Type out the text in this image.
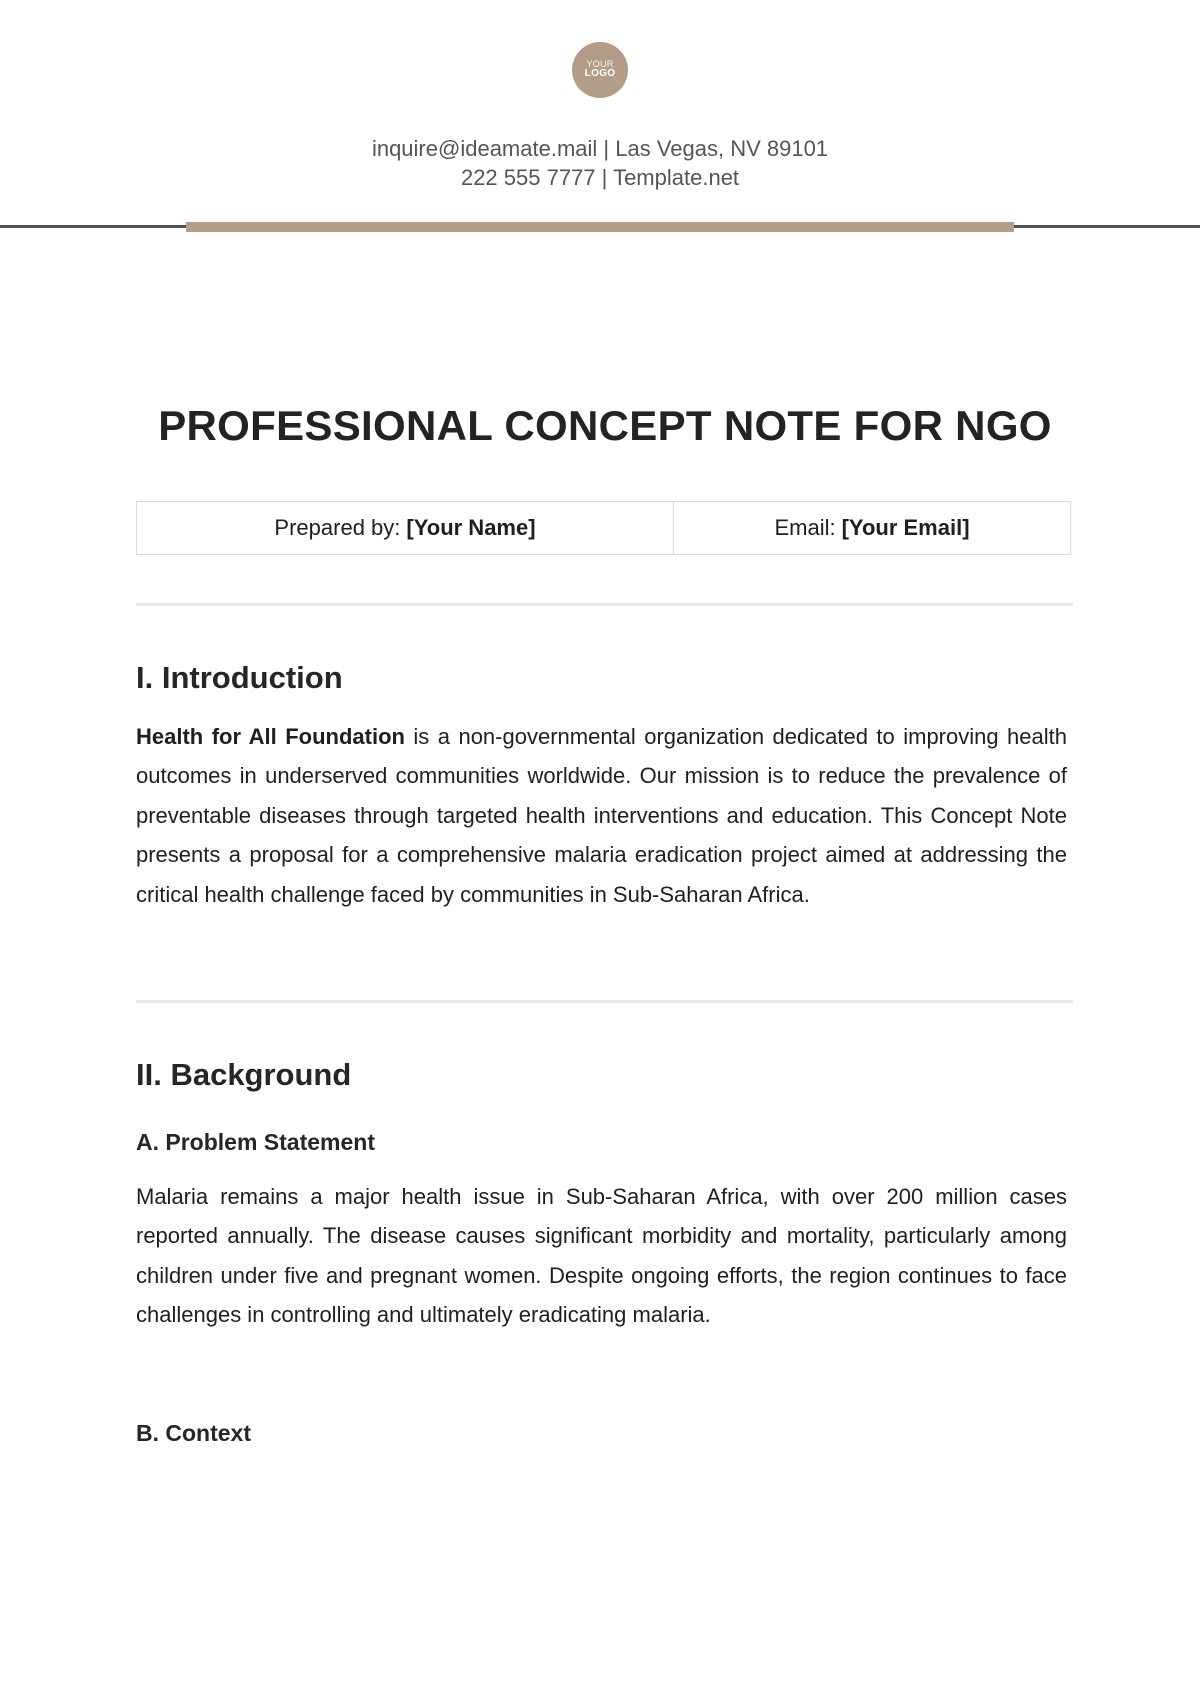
YOUR
LOGO
inquire@ideamate.mail | Las Vegas, NV 89101
222 555 7777 | Template.net
PROFESSIONAL CONCEPT NOTE FOR NGO
Prepared by: [Your Name]	Email: [Your Email]
I. Introduction
Health for All Foundation is a non-governmental organization dedicated to improving health outcomes in underserved communities worldwide. Our mission is to reduce the prevalence of preventable diseases through targeted health interventions and education. This Concept Note presents a proposal for a comprehensive malaria eradication project aimed at addressing the critical health challenge faced by communities in Sub-Saharan Africa.
II. Background
A. Problem Statement
Malaria remains a major health issue in Sub-Saharan Africa, with over 200 million cases reported annually. The disease causes significant morbidity and mortality, particularly among children under five and pregnant women. Despite ongoing efforts, the region continues to face challenges in controlling and ultimately eradicating malaria.
B. Context
